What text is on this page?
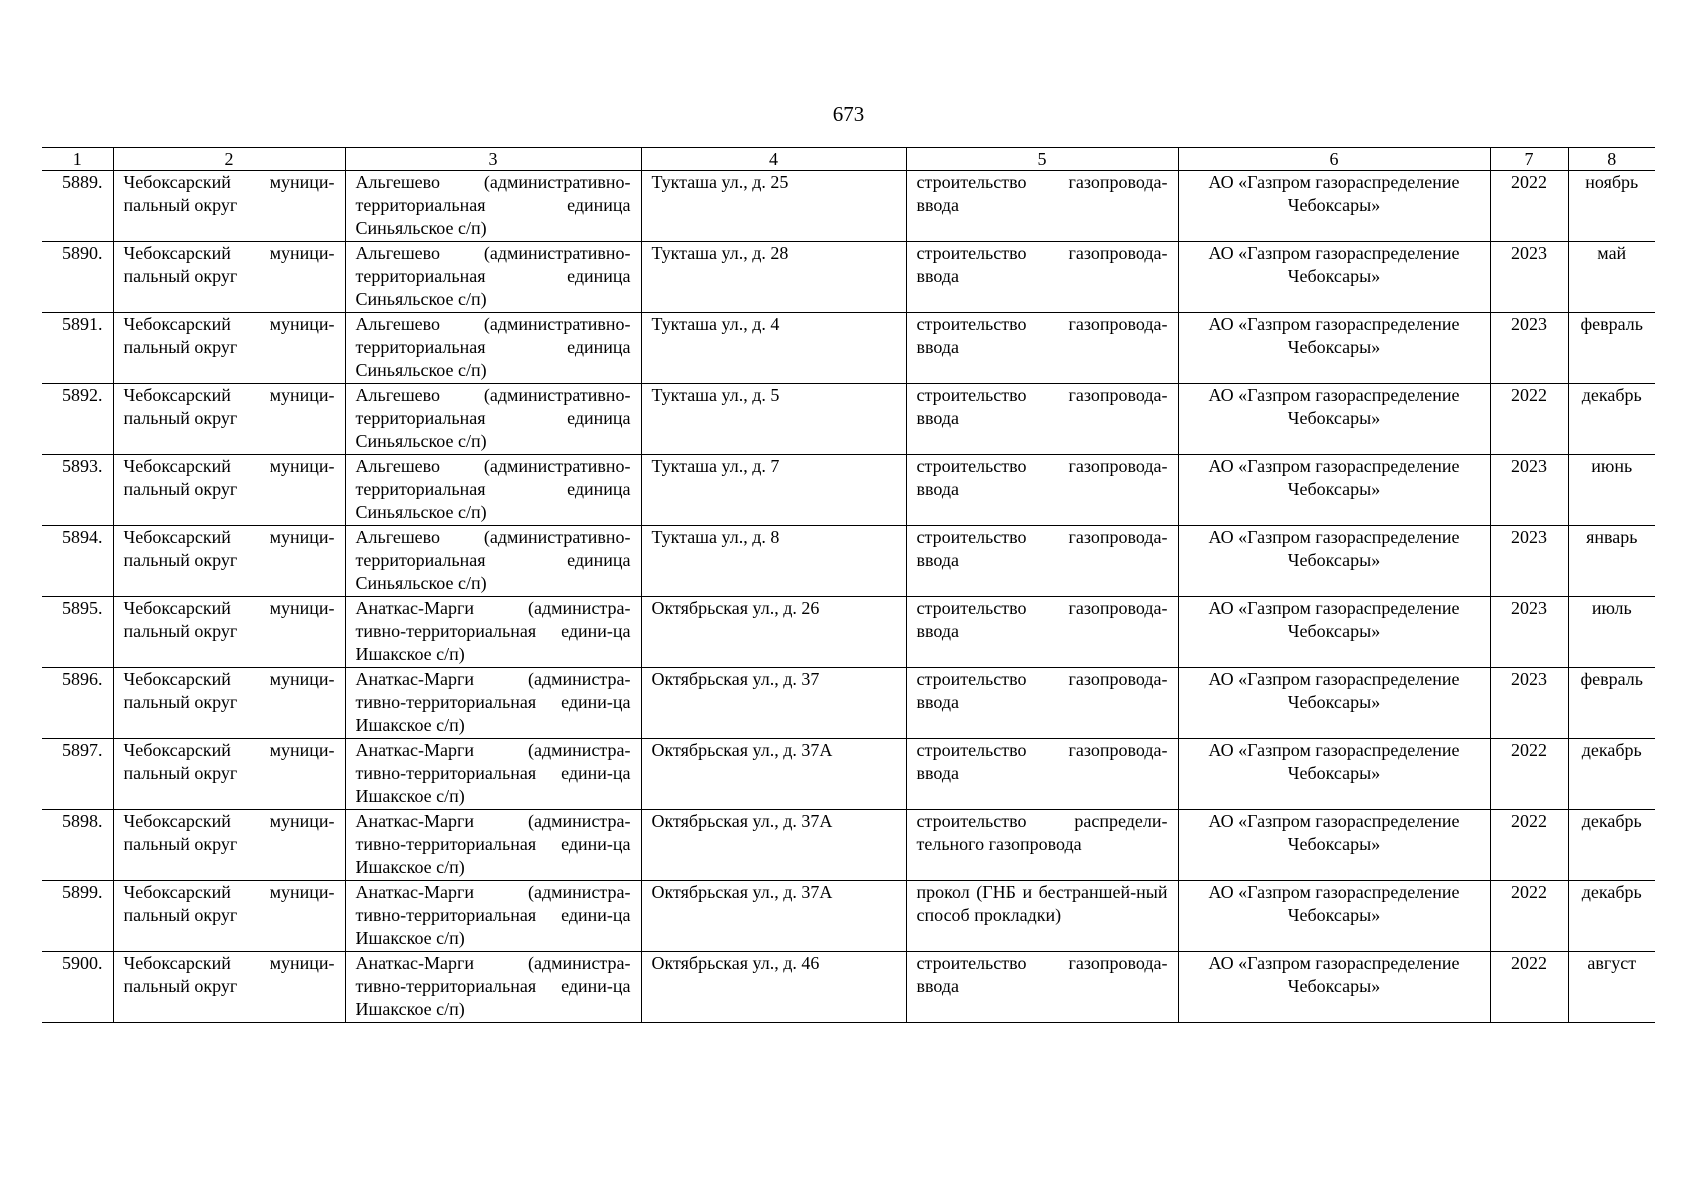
673
1	2	3	4	5	6	7	8
5889.	Чебоксарский муници-пальный округ	Альгешево (административно-территориальная единица Синьяльское с/п)	Тукташа ул., д. 25	строительство газопровода-ввода	АО «Газпром газораспределение Чебоксары»	2022	ноябрь
5890.	Чебоксарский муници-пальный округ	Альгешево (административно-территориальная единица Синьяльское с/п)	Тукташа ул., д. 28	строительство газопровода-ввода	АО «Газпром газораспределение Чебоксары»	2023	май
5891.	Чебоксарский муници-пальный округ	Альгешево (административно-территориальная единица Синьяльское с/п)	Тукташа ул., д. 4	строительство газопровода-ввода	АО «Газпром газораспределение Чебоксары»	2023	февраль
5892.	Чебоксарский муници-пальный округ	Альгешево (административно-территориальная единица Синьяльское с/п)	Тукташа ул., д. 5	строительство газопровода-ввода	АО «Газпром газораспределение Чебоксары»	2022	декабрь
5893.	Чебоксарский муници-пальный округ	Альгешево (административно-территориальная единица Синьяльское с/п)	Тукташа ул., д. 7	строительство газопровода-ввода	АО «Газпром газораспределение Чебоксары»	2023	июнь
5894.	Чебоксарский муници-пальный округ	Альгешево (административно-территориальная единица Синьяльское с/п)	Тукташа ул., д. 8	строительство газопровода-ввода	АО «Газпром газораспределение Чебоксары»	2023	январь
5895.	Чебоксарский муници-пальный округ	Анаткас-Марги (администра-тивно-территориальная едини-ца Ишакское с/п)	Октябрьская ул., д. 26	строительство газопровода-ввода	АО «Газпром газораспределение Чебоксары»	2023	июль
5896.	Чебоксарский муници-пальный округ	Анаткас-Марги (администра-тивно-территориальная едини-ца Ишакское с/п)	Октябрьская ул., д. 37	строительство газопровода-ввода	АО «Газпром газораспределение Чебоксары»	2023	февраль
5897.	Чебоксарский муници-пальный округ	Анаткас-Марги (администра-тивно-территориальная едини-ца Ишакское с/п)	Октябрьская ул., д. 37А	строительство газопровода-ввода	АО «Газпром газораспределение Чебоксары»	2022	декабрь
5898.	Чебоксарский муници-пальный округ	Анаткас-Марги (администра-тивно-территориальная едини-ца Ишакское с/п)	Октябрьская ул., д. 37А	строительство распредели-тельного газопровода	АО «Газпром газораспределение Чебоксары»	2022	декабрь
5899.	Чебоксарский муници-пальный округ	Анаткас-Марги (администра-тивно-территориальная едини-ца Ишакское с/п)	Октябрьская ул., д. 37А	прокол (ГНБ и бестраншей-ный способ прокладки)	АО «Газпром газораспределение Чебоксары»	2022	декабрь
5900.	Чебоксарский муници-пальный округ	Анаткас-Марги (администра-тивно-территориальная едини-ца Ишакское с/п)	Октябрьская ул., д. 46	строительство газопровода-ввода	АО «Газпром газораспределение Чебоксары»	2022	август
